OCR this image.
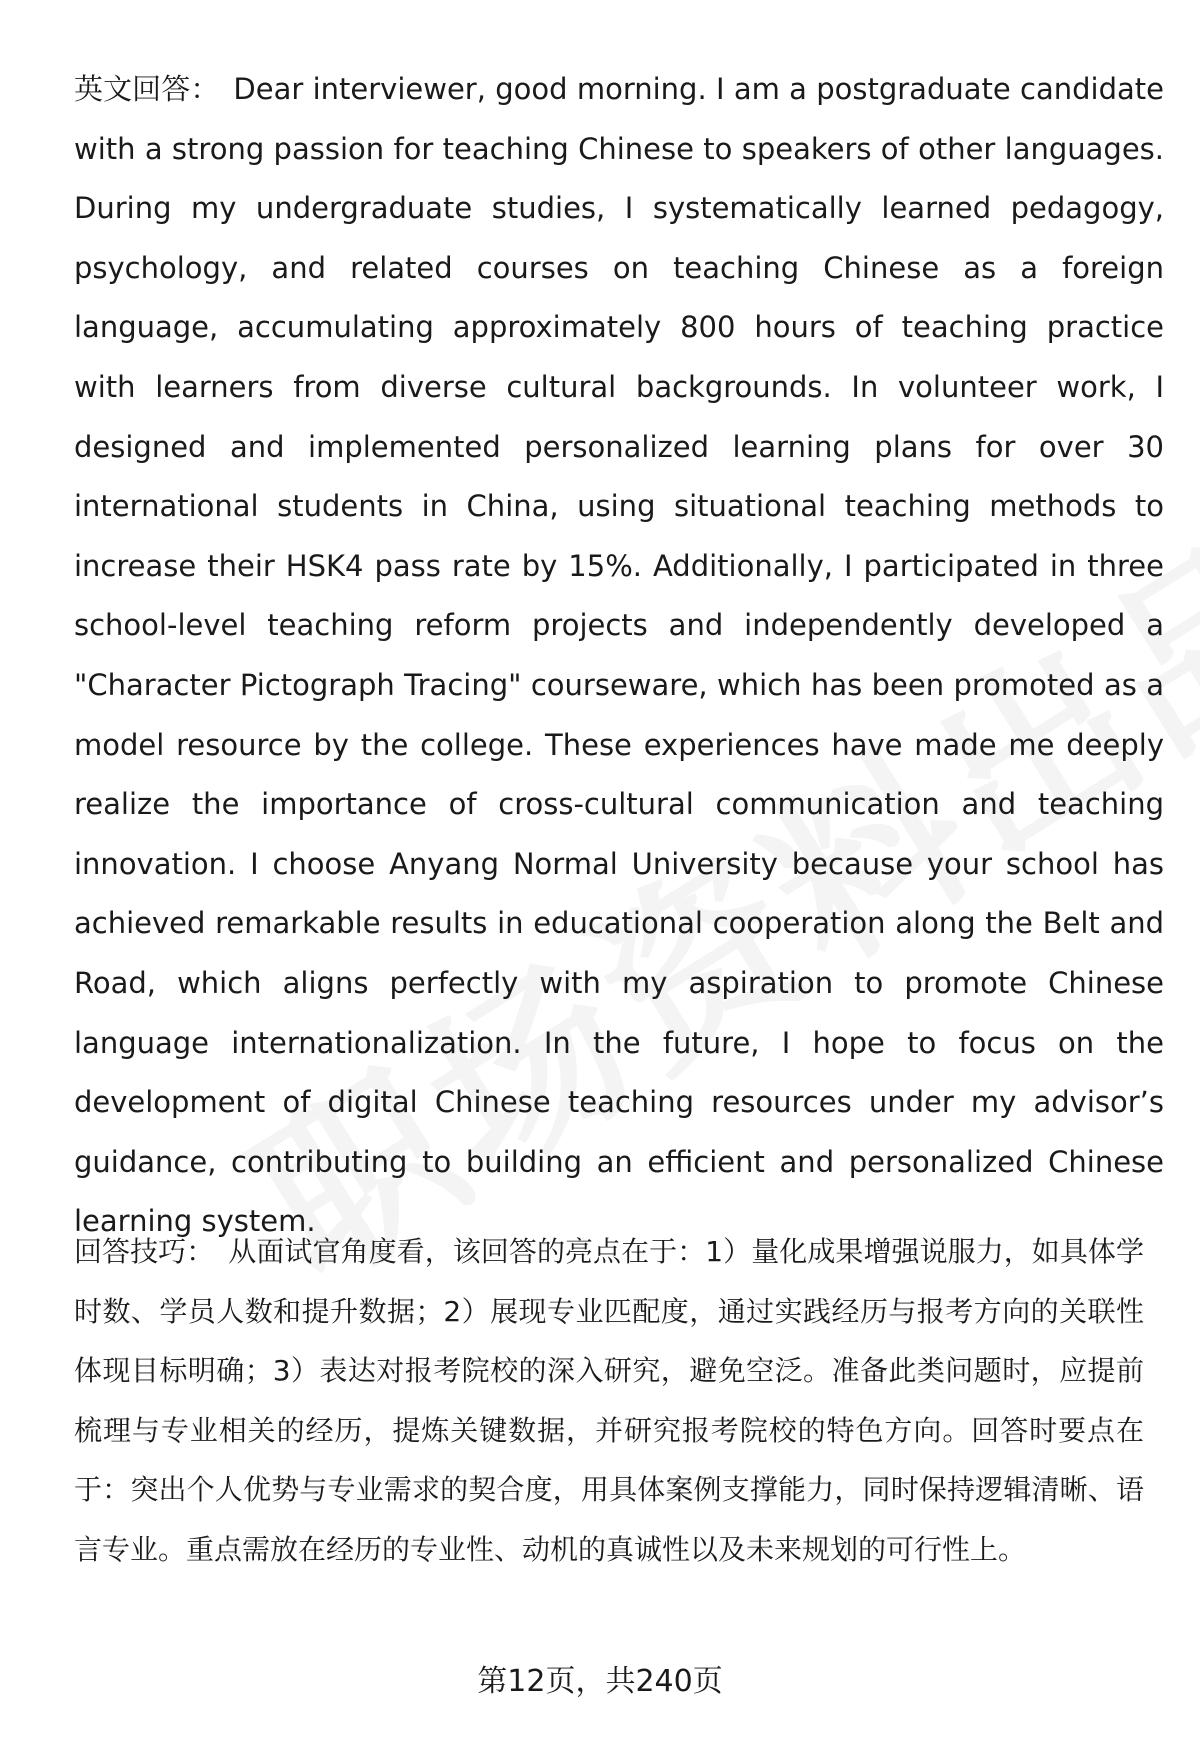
英文回答： Dear interviewer, good morning. I am a postgraduate candidate with a strong passion for teaching Chinese to speakers of other languages. During my undergraduate studies, I systematically learned pedagogy, psychology, and related courses on teaching Chinese as a foreign language, accumulating approximately 800 hours of teaching practice with learners from diverse cultural backgrounds. In volunteer work, I designed and implemented personalized learning plans for over 30 international students in China, using situational teaching methods to increase their HSK4 pass rate by 15%. Additionally, I participated in three school-level teaching reform projects and independently developed a "Character Pictograph Tracing" courseware, which has been promoted as a model resource by the college. These experiences have made me deeply realize the importance of cross-cultural communication and teaching innovation. I choose Anyang Normal University because your school has achieved remarkable results in educational cooperation along the Belt and Road, which aligns perfectly with my aspiration to promote Chinese language internationalization. In the future, I hope to focus on the development of digital Chinese teaching resources under my advisor’s guidance, contributing to building an efficient and personalized Chinese learning system.
回答技巧： 从面试官角度看，该回答的亮点在于：1）量化成果增强说服力，如具体学时数、学员人数和提升数据；2）展现专业匹配度，通过实践经历与报考方向的关联性体现目标明确；3）表达对报考院校的深入研究，避免空泛。准备此类问题时，应提前梳理与专业相关的经历，提炼关键数据，并研究报考院校的特色方向。回答时要点在于：突出个人优势与专业需求的契合度，用具体案例支撑能力，同时保持逻辑清晰、语言专业。重点需放在经历的专业性、动机的真诚性以及未来规划的可行性上。
第12页，共240页
